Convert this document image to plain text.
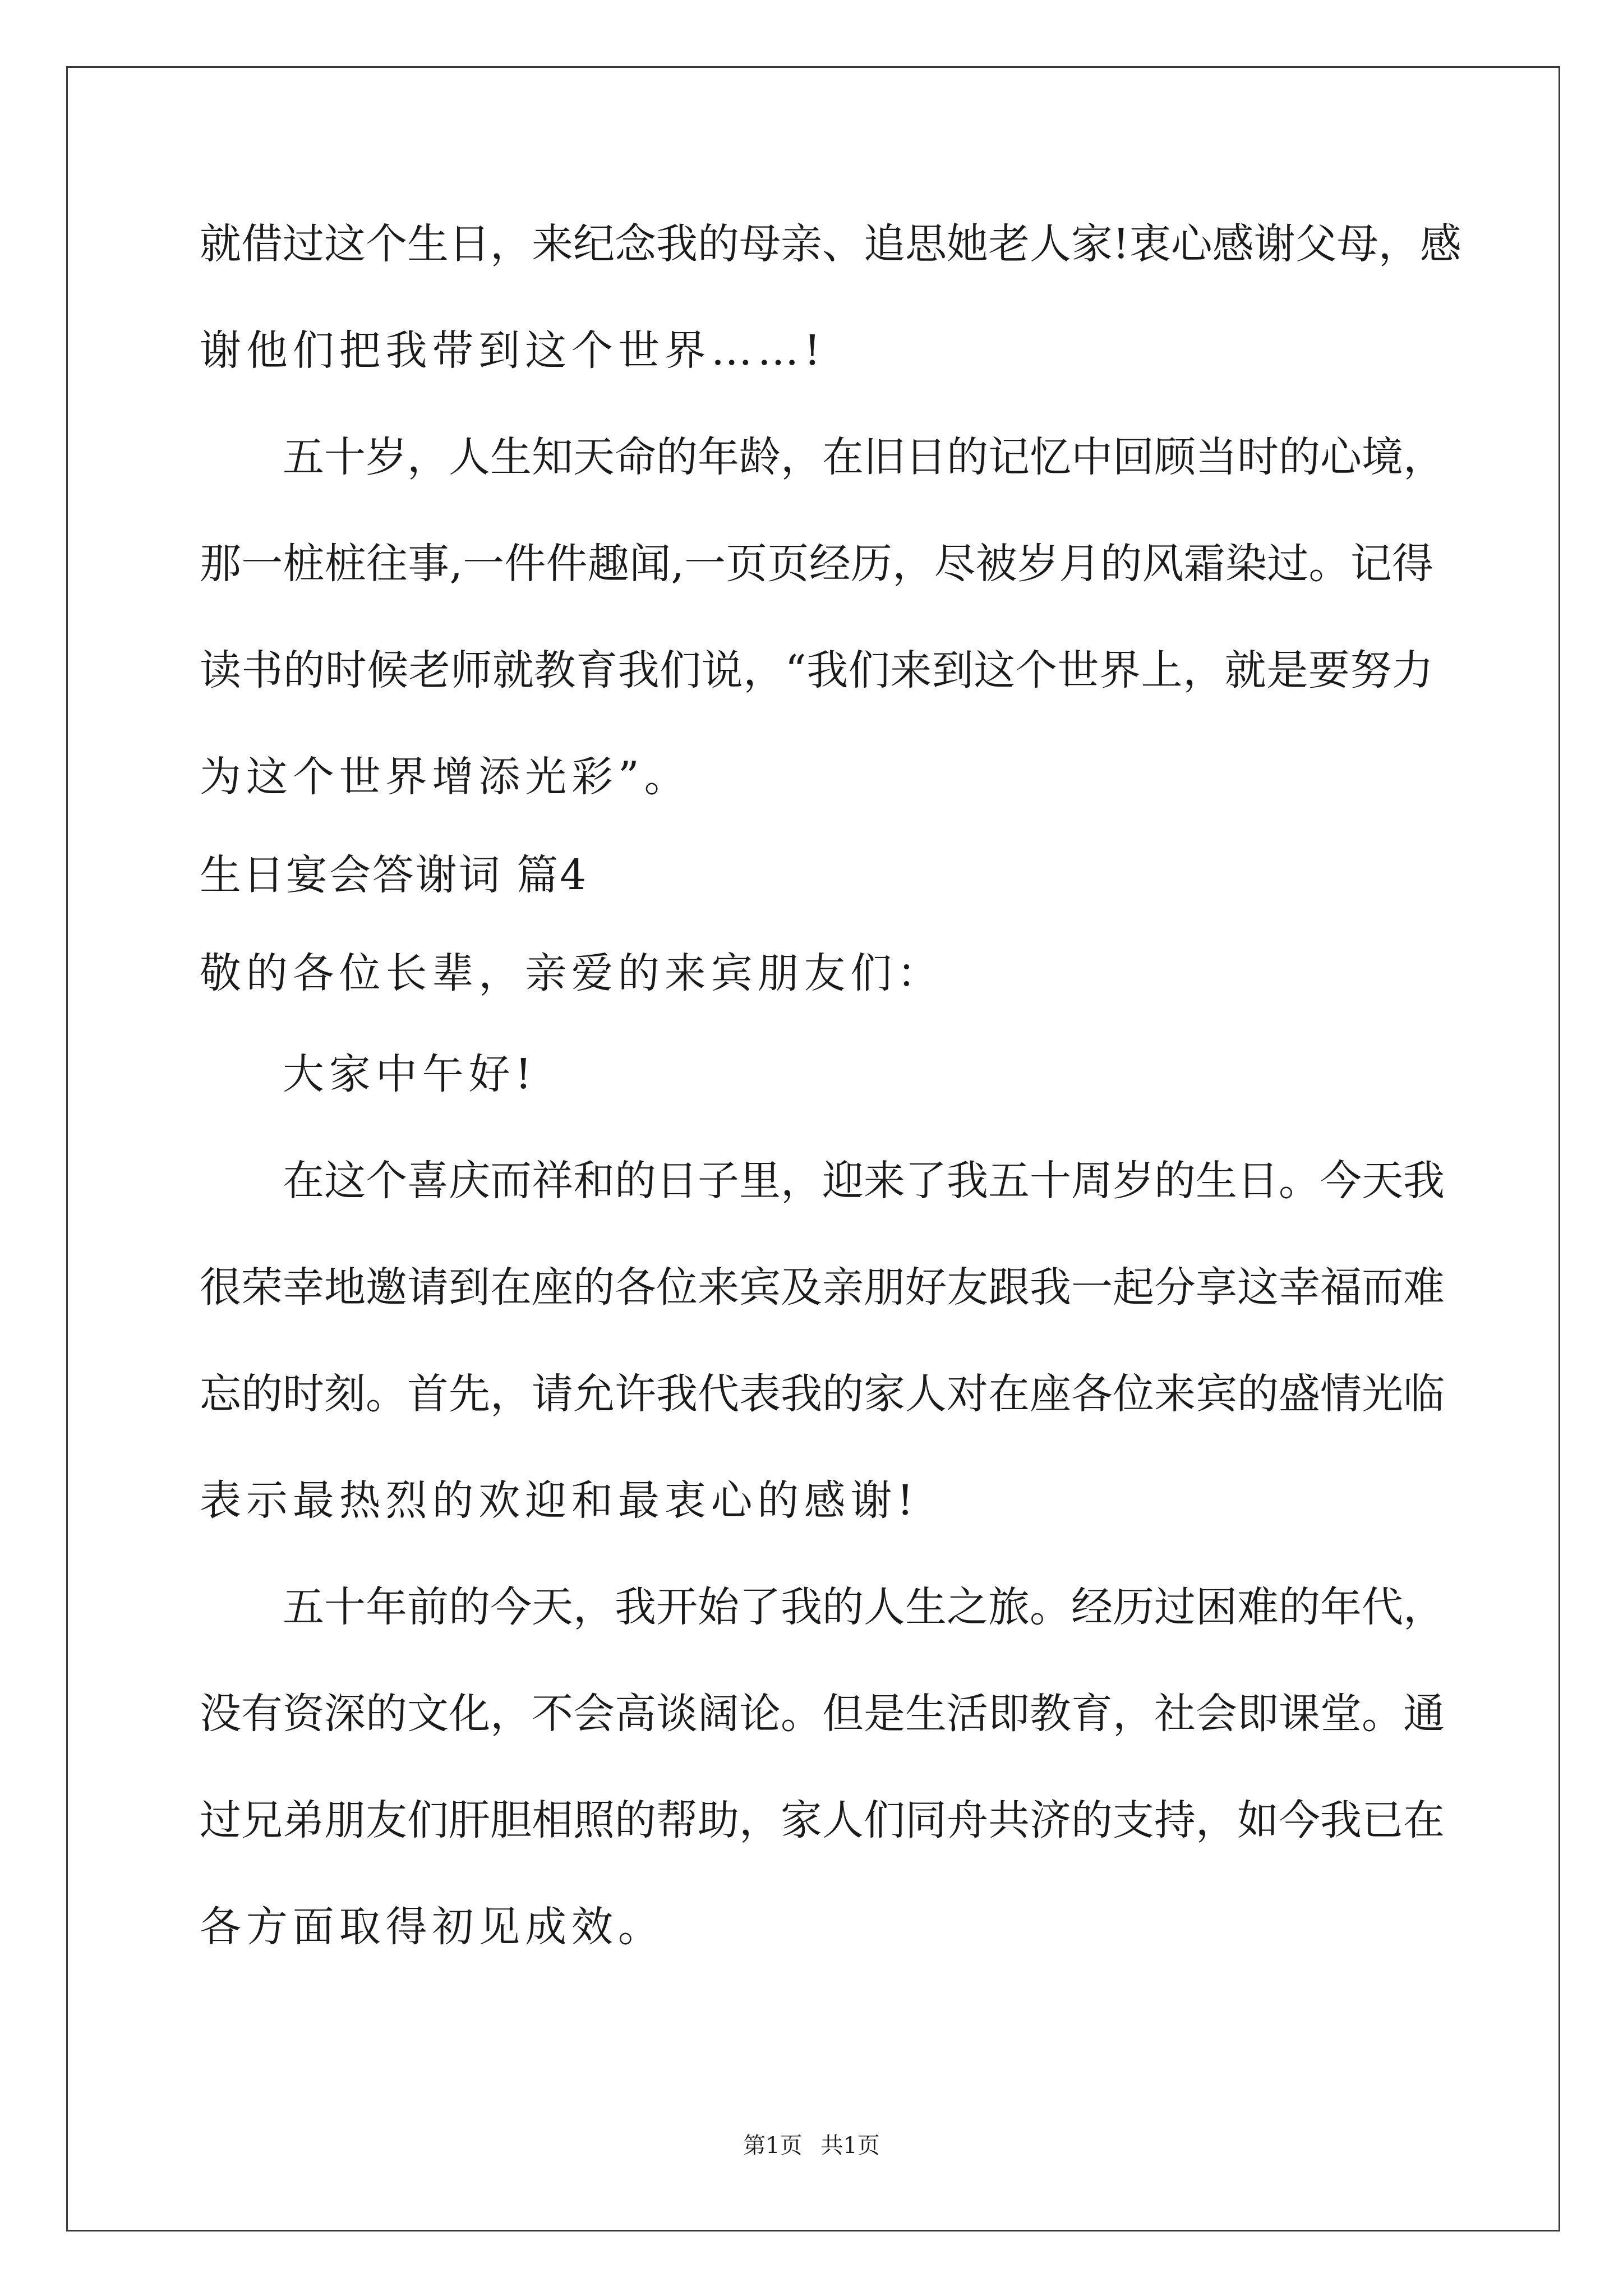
就借过这个生日，来纪念我的母亲、追思她老人家!衷心感谢父母，感
谢他们把我带到这个世界……!
五十岁，人生知天命的年龄，在旧日的记忆中回顾当时的心境，
那一桩桩往事,一件件趣闻,一页页经历，尽被岁月的风霜染过。记得
读书的时候老师就教育我们说，“我们来到这个世界上，就是要努力
为这个世界增添光彩”。
生日宴会答谢词 篇4
敬的各位长辈，亲爱的来宾朋友们：
大家中午好!
在这个喜庆而祥和的日子里，迎来了我五十周岁的生日。今天我
很荣幸地邀请到在座的各位来宾及亲朋好友跟我一起分享这幸福而难
忘的时刻。首先，请允许我代表我的家人对在座各位来宾的盛情光临
表示最热烈的欢迎和最衷心的感谢!
五十年前的今天，我开始了我的人生之旅。经历过困难的年代，
没有资深的文化，不会高谈阔论。但是生活即教育，社会即课堂。通
过兄弟朋友们肝胆相照的帮助，家人们同舟共济的支持，如今我已在
各方面取得初见成效。
第1页 共1页
